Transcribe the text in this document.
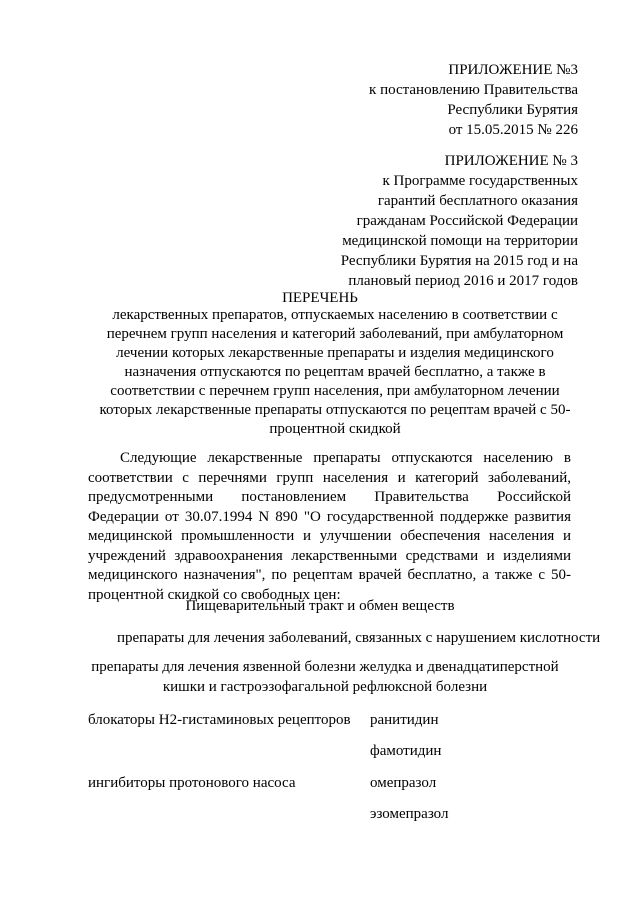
ПРИЛОЖЕНИЕ №3
к постановлению Правительства
Республики Бурятия
от 15.05.2015 № 226
ПРИЛОЖЕНИЕ № 3
к Программе государственных
гарантий бесплатного оказания
гражданам Российской Федерации
медицинской помощи на территории
Республики Бурятия на 2015 год и на
плановый период 2016 и 2017 годов
ПЕРЕЧЕНЬ
лекарственных препаратов, отпускаемых населению в соответствии с перечнем групп населения и категорий заболеваний, при амбулаторном лечении которых лекарственные препараты и изделия медицинского назначения отпускаются по рецептам врачей бесплатно, а также в соответствии с перечнем групп населения, при амбулаторном лечении которых лекарственные препараты отпускаются по рецептам врачей с 50-процентной скидкой
Следующие лекарственные препараты отпускаются населению в соответствии с перечнями групп населения и категорий заболеваний, предусмотренными постановлением Правительства Российской Федерации от 30.07.1994 N 890 "О государственной поддержке развития медицинской промышленности и улучшении обеспечения населения и учреждений здравоохранения лекарственными средствами и изделиями медицинского назначения", по рецептам врачей бесплатно, а также с 50-процентной скидкой со свободных цен:
Пищеварительный тракт и обмен веществ
препараты для лечения заболеваний, связанных с нарушением кислотности
препараты для лечения язвенной болезни желудка и двенадцатиперстной кишки и гастроэзофагальной рефлюксной болезни
блокаторы Н2-гистаминовых рецепторов ранитидин
фамотидин
ингибиторы протонового насоса	омепразол
эзомепразол
